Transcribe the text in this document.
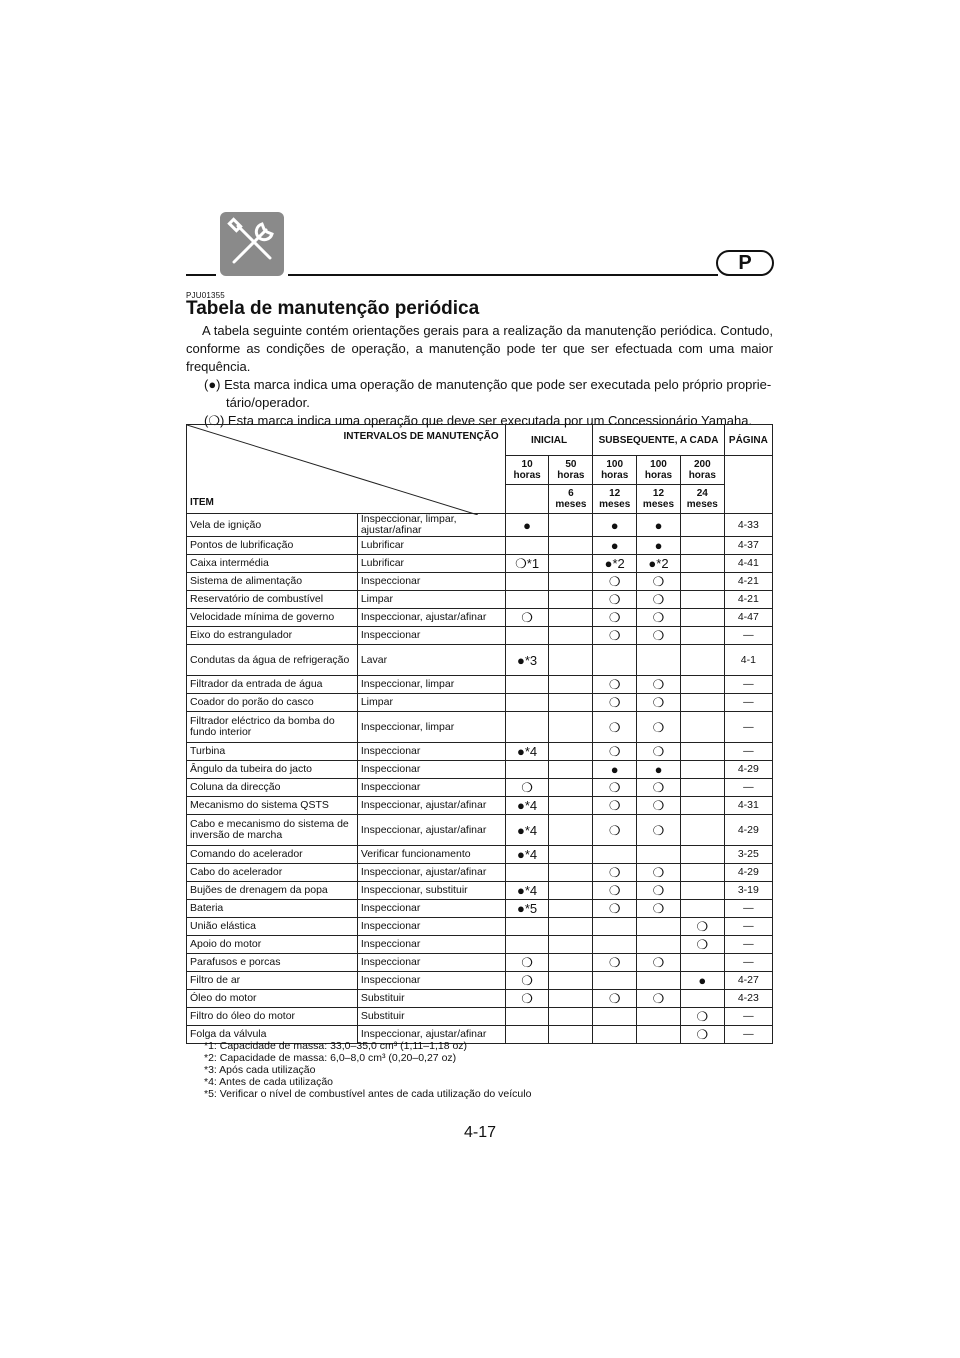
P
PJU01355
Tabela de manutenção periódica

A tabela seguinte contém orientações gerais para a realização da manutenção periódica. Contudo, conforme as condições de operação, a manutenção pode ter que ser efectuada com uma maior frequência.

(●) Esta marca indica uma operação de manutenção que pode ser executada pelo próprio proprie-
tário/operador.
(❍) Esta marca indica uma operação que deve ser executada por um Concessionário Yamaha.
INTERVALOS DE MANUTENÇÃO
ITEM		INICIAL		SUBSEQUENTE, A CADA			PÁGINA
		10 horas	50 horas	100 horas	100 horas	200 horas	
			6 meses	12 meses	12 meses	24 meses	
Vela de ignição	Inspeccionar, limpar, ajustar/afinar	●		●	●		4-33
Pontos de lubrificação	Lubrificar			●	●		4-37
Caixa intermédia	Lubrificar	❍*1		●*2	●*2		4-41
Sistema de alimentação	Inspeccionar			❍	❍		4-21
Reservatório de combustível	Limpar			❍	❍		4-21
Velocidade mínima de governo	Inspeccionar, ajustar/afinar	❍		❍	❍		4-47
Eixo do estrangulador	Inspeccionar			❍	❍		—
Condutas da água de refrigeração	Lavar	●*3					4-1
Filtrador da entrada de água	Inspeccionar, limpar			❍	❍		—
Coador do porão do casco	Limpar			❍	❍		—
Filtrador eléctrico da bomba do fundo interior	Inspeccionar, limpar			❍	❍		—
Turbina	Inspeccionar	●*4		❍	❍		—
Ângulo da tubeira do jacto	Inspeccionar			●	●		4-29
Coluna da direcção	Inspeccionar	❍		❍	❍		—
Mecanismo do sistema QSTS	Inspeccionar, ajustar/afinar	●*4		❍	❍		4-31
Cabo e mecanismo do sistema de inversão de marcha	Inspeccionar, ajustar/afinar	●*4		❍	❍		4-29
Comando do acelerador	Verificar funcionamento	●*4					3-25
Cabo do acelerador	Inspeccionar, ajustar/afinar			❍	❍		4-29
Bujões de drenagem da popa	Inspeccionar, substituir	●*4		❍	❍		3-19
Bateria	Inspeccionar	●*5		❍	❍		—
União elástica	Inspeccionar					❍	—
Apoio do motor	Inspeccionar					❍	—
Parafusos e porcas	Inspeccionar	❍		❍	❍		—
Filtro de ar	Inspeccionar	❍				●	4-27
Óleo do motor	Substituir	❍		❍	❍		4-23
Filtro do óleo do motor	Substituir					❍	—
Folga da válvula	Inspeccionar, ajustar/afinar					❍	—
*1: Capacidade de massa: 33,0–35,0 cm³ (1,11–1,18 oz)
*2: Capacidade de massa: 6,0–8,0 cm³ (0,20–0,27 oz)
*3: Após cada utilização
*4: Antes de cada utilização
*5: Verificar o nível de combustível antes de cada utilização do veículo
4-17
